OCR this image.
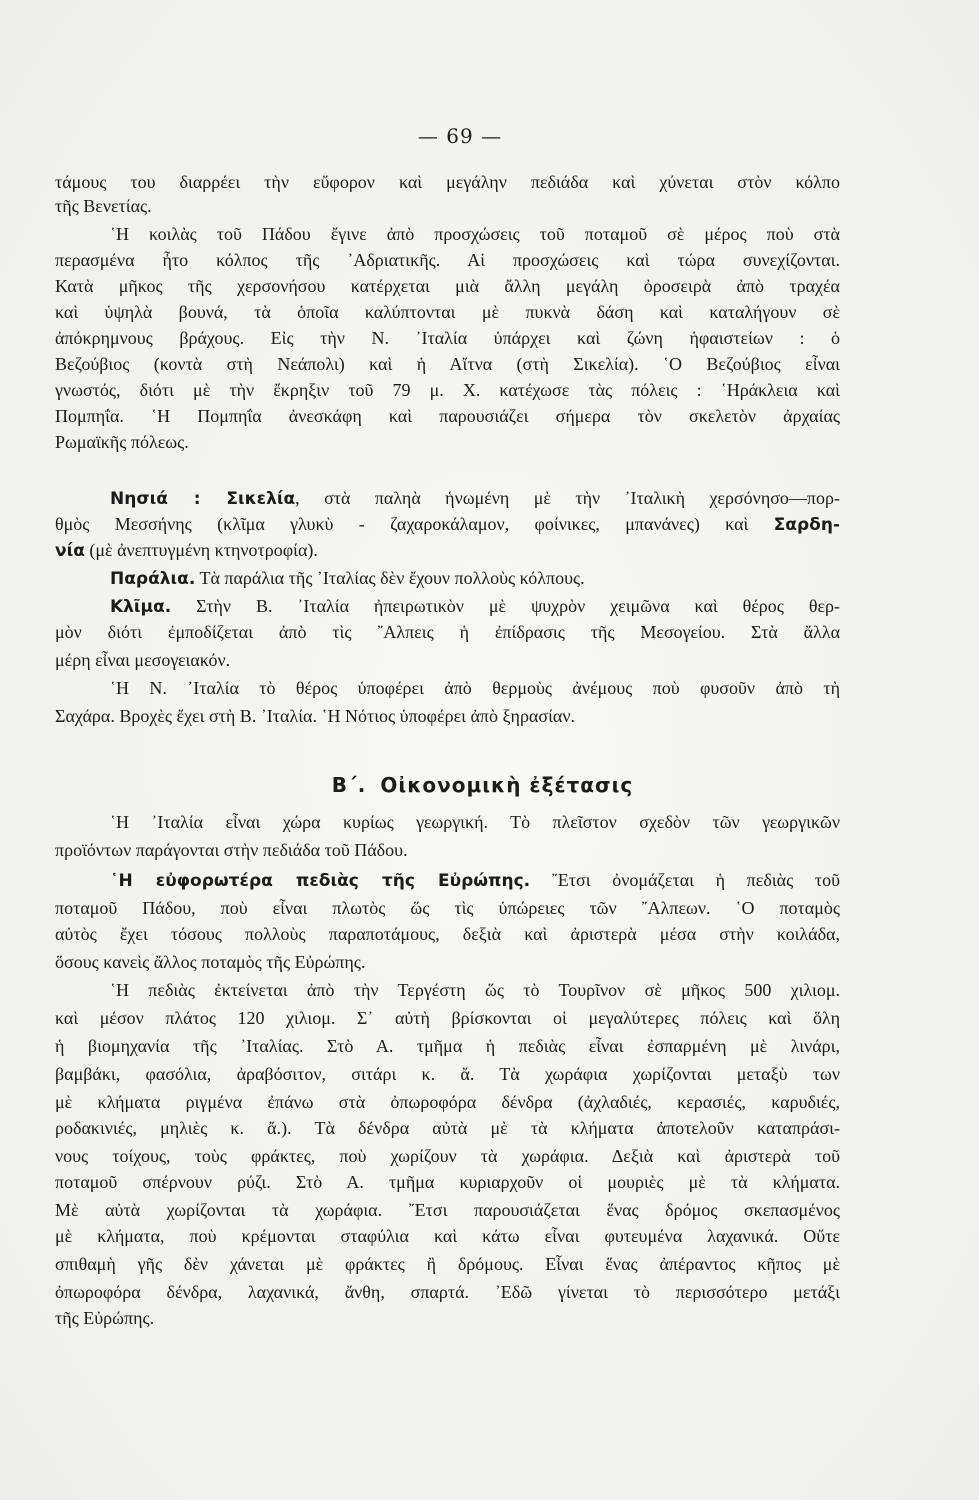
— 69 —
τάμους του διαρρέει τὴν εὔφορον καὶ μεγάλην πεδιάδα καὶ χύνεται στὸν κόλπο
τῆς Βενετίας.
῾Η κοιλὰς τοῦ Πάδου ἔγινε ἀπὸ προσχώσεις τοῦ ποταμοῦ σὲ μέρος ποὺ στὰ
περασμένα ἦτο κόλπος τῆς ᾿Αδριατικῆς. Αἱ προσχώσεις καὶ τώρα συνεχίζονται.
Κατὰ μῆκος τῆς χερσονήσου κατέρχεται μιὰ ἄλλη μεγάλη ὀροσειρὰ ἀπὸ τραχέα
καὶ ὑψηλὰ βουνά, τὰ ὁποῖα καλύπτονται μὲ πυκνὰ δάση καὶ καταλήγουν σὲ
ἀπόκρημνους βράχους. Εἰς τὴν Ν. ᾿Ιταλία ὑπάρχει καὶ ζώνη ἡφαιστείων : ὁ
Βεζούβιος (κοντὰ στὴ Νεάπολι) καὶ ἡ Αἴτνα (στὴ Σικελία). ῾Ο Βεζούβιος εἶναι
γνωστός, διότι μὲ τὴν ἔκρηξιν τοῦ 79 μ. Χ. κατέχωσε τὰς πόλεις : ῾Ηράκλεια καὶ
Πομπηΐα. ῾Η Πομπηΐα ἀνεσκάφη καὶ παρουσιάζει σήμερα τὸν σκελετὸν ἀρχαίας
Ρωμαϊκῆς πόλεως.
Νησιά : Σικελία, στὰ παληὰ ἡνωμένη μὲ τὴν ᾿Ιταλικὴ χερσόνησο—πορ-
θμὸς Μεσσήνης (κλῖμα γλυκὺ - ζαχαροκάλαμον, φοίνικες, μπανάνες) καὶ Σαρδη-
νία (μὲ ἀνεπτυγμένη κτηνοτροφία).
Παράλια. Τὰ παράλια τῆς ᾿Ιταλίας δὲν ἔχουν πολλοὺς κόλπους.
Κλῖμα. Στὴν Β. ᾿Ιταλία ἠπειρωτικὸν μὲ ψυχρὸν χειμῶνα καὶ θέρος θερ-
μὸν διότι ἐμποδίζεται ἀπὸ τὶς ῎Αλπεις ἡ ἐπίδρασις τῆς Μεσογείου. Στὰ ἄλλα
μέρη εἶναι μεσογειακόν.
῾Η Ν. ᾿Ιταλία τὸ θέρος ὑποφέρει ἀπὸ θερμοὺς ἀνέμους ποὺ φυσοῦν ἀπὸ τὴ
Σαχάρα. Βροχὲς ἔχει στὴ Β. ᾿Ιταλία. ῾Η Νότιος ὑποφέρει ἀπὸ ξηρασίαν.
῾Η ᾿Ιταλία εἶναι χώρα κυρίως γεωργική. Τὸ πλεῖστον σχεδὸν τῶν γεωργικῶν
προϊόντων παράγονται στὴν πεδιάδα τοῦ Πάδου.
῾Η εὐφορωτέρα πεδιὰς τῆς Εὐρώπης. ῎Ετσι ὀνομάζεται ἡ πεδιὰς τοῦ
ποταμοῦ Πάδου, ποὺ εἶναι πλωτὸς ὥς τὶς ὑπώρειες τῶν ῎Αλπεων. ῾Ο ποταμὸς
αὐτὸς ἔχει τόσους πολλοὺς παραποτάμους, δεξιὰ καὶ ἀριστερὰ μέσα στὴν κοιλάδα,
ὅσους κανεὶς ἄλλος ποταμὸς τῆς Εὐρώπης.
῾Η πεδιὰς ἐκτείνεται ἀπὸ τὴν Τεργέστη ὥς τὸ Τουρῖνον σὲ μῆκος 500 χιλιομ.
καὶ μέσον πλάτος 120 χιλιομ. Σ᾿ αὐτὴ βρίσκονται οἱ μεγαλύτερες πόλεις καὶ ὅλη
ἡ βιομηχανία τῆς ᾿Ιταλίας. Στὸ Α. τμῆμα ἡ πεδιὰς εἶναι ἐσπαρμένη μὲ λινάρι,
βαμβάκι, φασόλια, ἀραβόσιτον, σιτάρι κ. ἄ. Τὰ χωράφια χωρίζονται μεταξὺ των
μὲ κλήματα ριγμένα ἐπάνω στὰ ὀπωροφόρα δένδρα (ἀχλαδιές, κερασιές, καρυδιές,
ροδακινιές, μηλιὲς κ. ἄ.). Τὰ δένδρα αὐτὰ μὲ τὰ κλήματα ἀποτελοῦν καταπράσι-
νους τοίχους, τοὺς φράκτες, ποὺ χωρίζουν τὰ χωράφια. Δεξιὰ καὶ ἀριστερὰ τοῦ
ποταμοῦ σπέρνουν ρύζι. Στὸ Α. τμῆμα κυριαρχοῦν οἱ μουριὲς μὲ τὰ κλήματα.
Μὲ αὐτὰ χωρίζονται τὰ χωράφια. ῎Ετσι παρουσιάζεται ἕνας δρόμος σκεπασμένος
μὲ κλήματα, ποὺ κρέμονται σταφύλια καὶ κάτω εἶναι φυτευμένα λαχανικά. Οὔτε
σπιθαμὴ γῆς δὲν χάνεται μὲ φράκτες ἢ δρόμους. Εἶναι ἕνας ἀπέραντος κῆπος μὲ
ὀπωροφόρα δένδρα, λαχανικά, ἄνθη, σπαρτά. ᾿Εδῶ γίνεται τὸ περισσότερο μετάξι
τῆς Εὐρώπης.
Β΄. Οἰκονομικὴ ἐξέτασις
